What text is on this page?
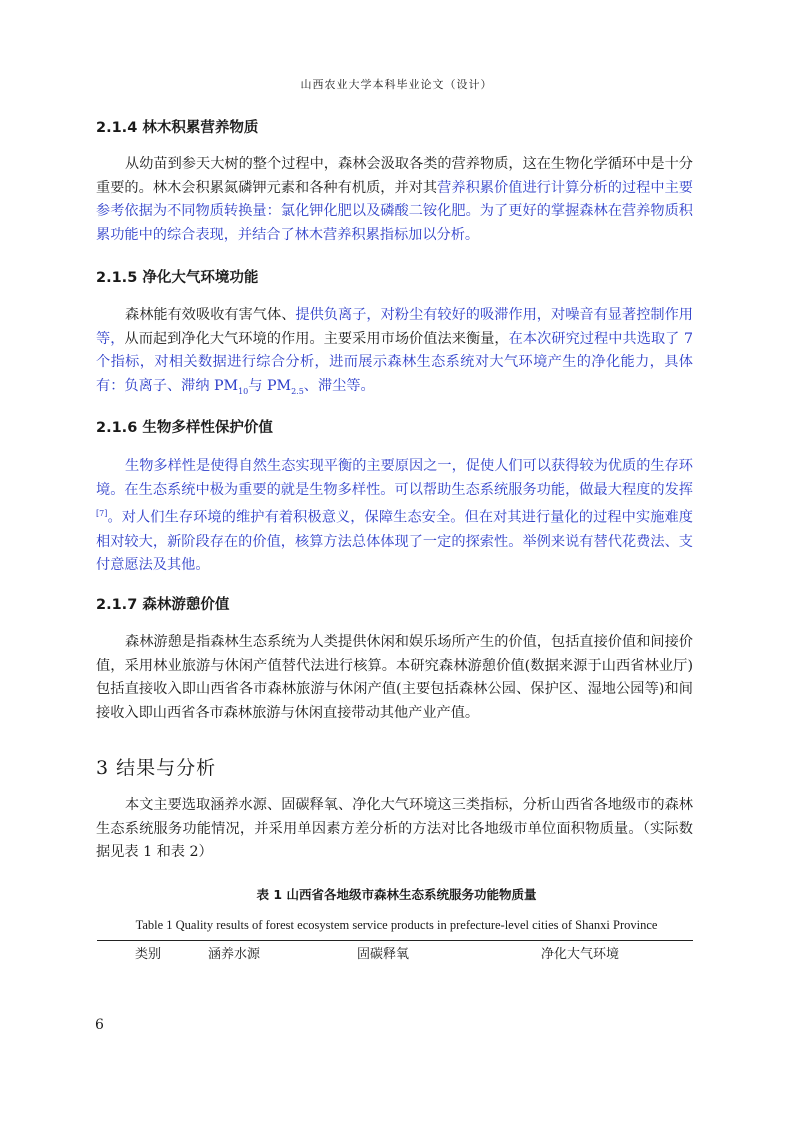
山西农业大学本科毕业论文（设计）
2.1.4 林木积累营养物质

从幼苗到参天大树的整个过程中，森林会汲取各类的营养物质，这在生物化学循环中是十分重要的。林木会积累氮磷钾元素和各种有机质，并对其营养积累价值进行计算分析的过程中主要参考依据为不同物质转换量：氯化钾化肥以及磷酸二铵化肥。为了更好的掌握森林在营养物质积累功能中的综合表现，并结合了林木营养积累指标加以分析。

2.1.5 净化大气环境功能

森林能有效吸收有害气体、提供负离子，对粉尘有较好的吸滞作用，对噪音有显著控制作用等，从而起到净化大气环境的作用。主要采用市场价值法来衡量，在本次研究过程中共选取了 7 个指标，对相关数据进行综合分析，进而展示森林生态系统对大气环境产生的净化能力，具体有：负离子、滞纳 $PM_{10}$与 $PM_{2.5}$、滞尘等。

2.1.6 生物多样性保护价值

生物多样性是使得自然生态实现平衡的主要原因之一，促使人们可以获得较为优质的生存环境。在生态系统中极为重要的就是生物多样性。可以帮助生态系统服务功能，做最大程度的发挥[7]。对人们生存环境的维护有着积极意义，保障生态安全。但在对其进行量化的过程中实施难度相对较大，新阶段存在的价值，核算方法总体体现了一定的探索性。举例来说有替代花费法、支付意愿法及其他。

2.1.7 森林游憩价值

森林游憩是指森林生态系统为人类提供休闲和娱乐场所产生的价值，包括直接价值和间接价值，采用林业旅游与休闲产值替代法进行核算。本研究森林游憩价值(数据来源于山西省林业厅)包括直接收入即山西省各市森林旅游与休闲产值(主要包括森林公园、保护区、湿地公园等)和间接收入即山西省各市森林旅游与休闲直接带动其他产业产值。

3 结果与分析

本文主要选取涵养水源、固碳释氧、净化大气环境这三类指标，分析山西省各地级市的森林生态系统服务功能情况，并采用单因素方差分析的方法对比各地级市单位面积物质量。（实际数据见表 1 和表 2）

表 1 山西省各地级市森林生态系统服务功能物质量
Table 1 Quality results of forest ecosystem service products in prefecture-level cities of Shanxi Province
类别	涵养水源	固碳释氧	净化大气环境
6
